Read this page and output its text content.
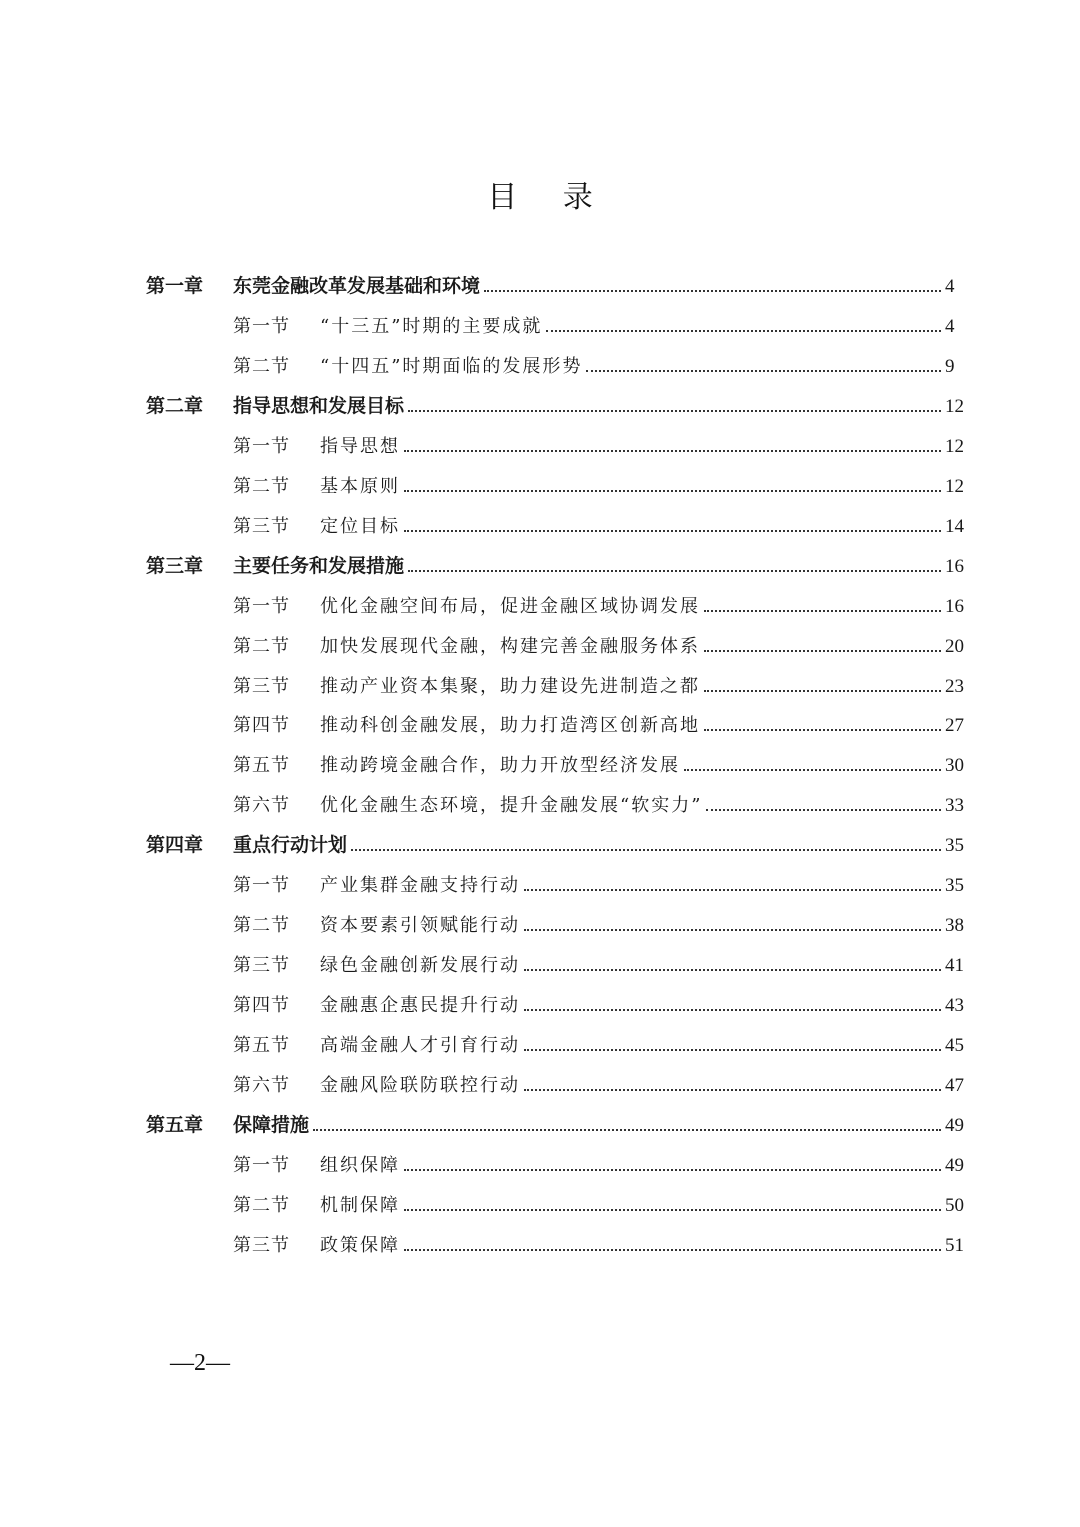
目 录
第一章	东莞金融改革发展基础和环境	4
第一节	“十三五”时期的主要成就	4
第二节	“十四五”时期面临的发展形势	9
第二章	指导思想和发展目标	12
第一节	指导思想	12
第二节	基本原则	12
第三节	定位目标	14
第三章	主要任务和发展措施	16
第一节	优化金融空间布局，促进金融区域协调发展	16
第二节	加快发展现代金融，构建完善金融服务体系	20
第三节	推动产业资本集聚，助力建设先进制造之都	23
第四节	推动科创金融发展，助力打造湾区创新高地	27
第五节	推动跨境金融合作，助力开放型经济发展	30
第六节	优化金融生态环境，提升金融发展“软实力”	33
第四章	重点行动计划	35
第一节	产业集群金融支持行动	35
第二节	资本要素引领赋能行动	38
第三节	绿色金融创新发展行动	41
第四节	金融惠企惠民提升行动	43
第五节	高端金融人才引育行动	45
第六节	金融风险联防联控行动	47
第五章	保障措施	49
第一节	组织保障	49
第二节	机制保障	50
第三节	政策保障	51
—2—
